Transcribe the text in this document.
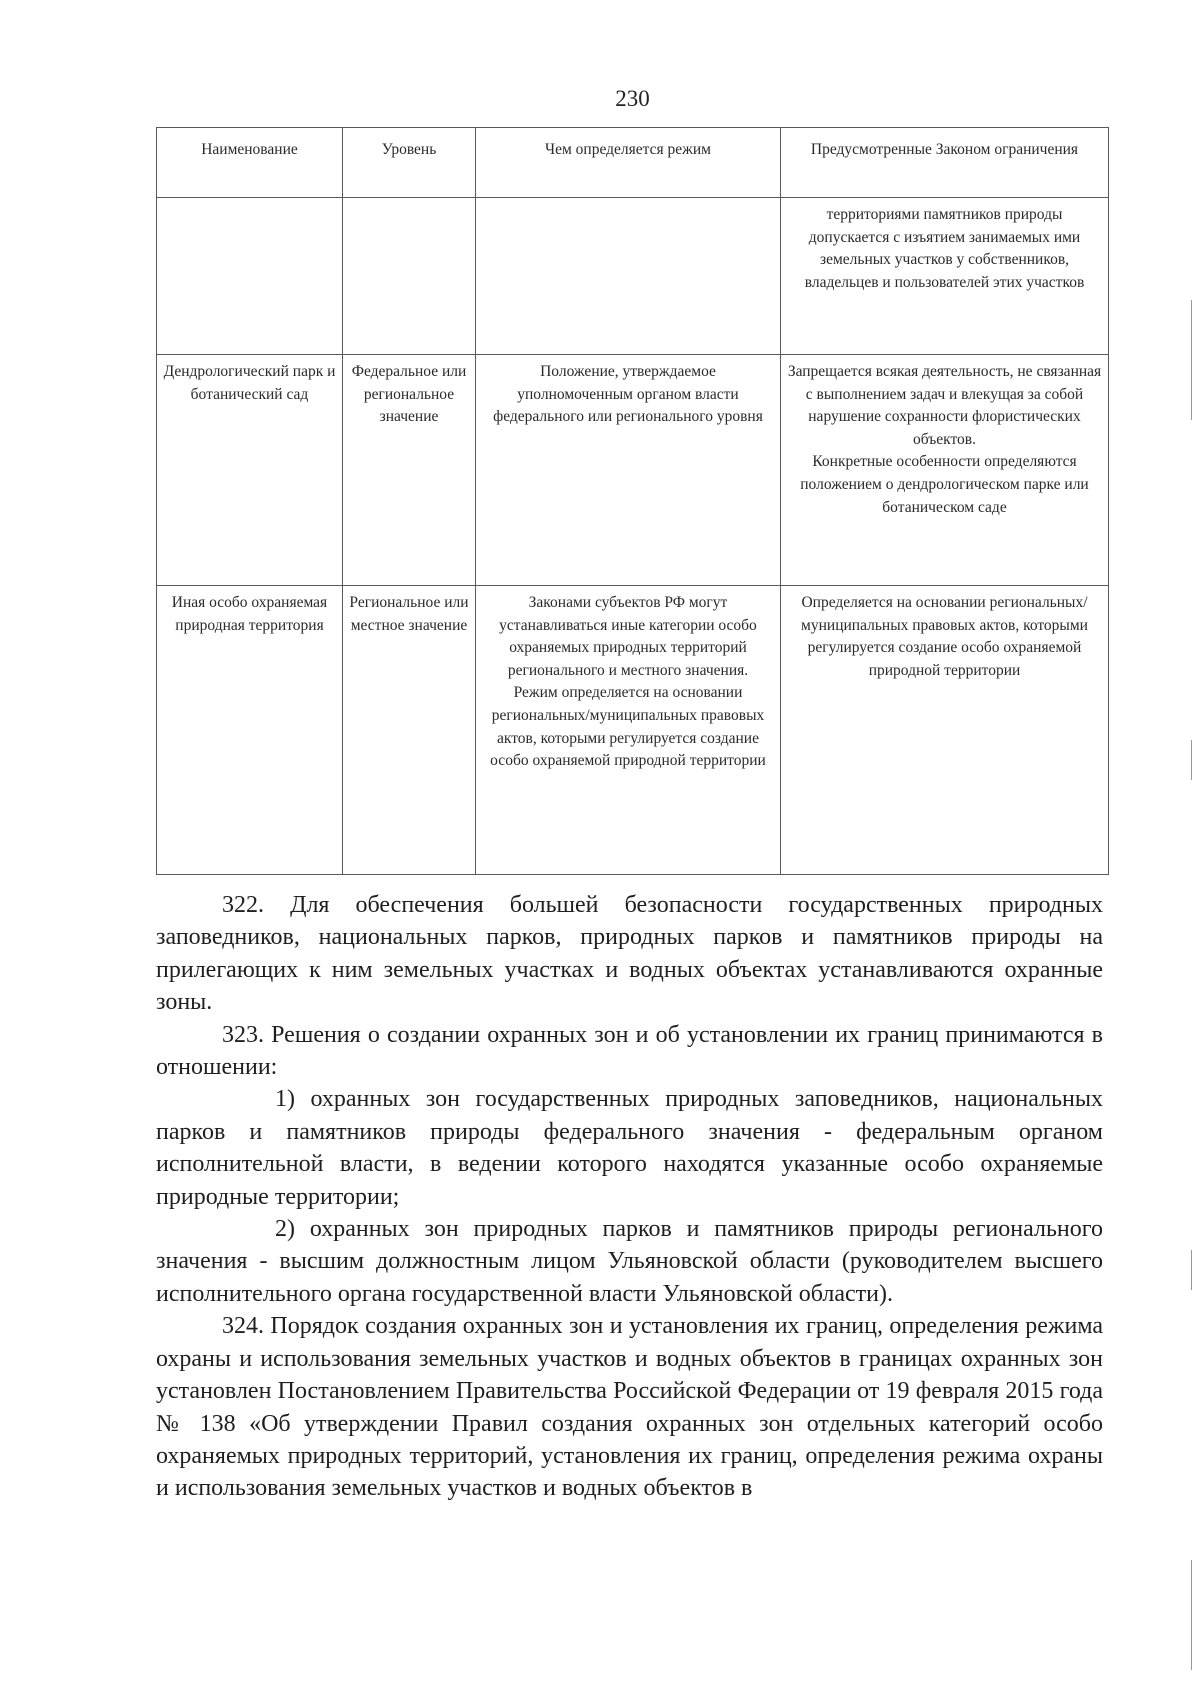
230
Наименование	Уровень	Чем определяется режим	Предусмотренные Законом ограничения
			территориями памятников природы допускается с изъятием занимаемых ими земельных участков у собственников, владельцев и пользователей этих участков
Дендрологический парк и ботанический сад	Федеральное или региональное значение	Положение, утверждаемое уполномоченным органом власти федерального или регионального уровня	Запрещается всякая деятельность, не связанная с выполнением задач и влекущая за собой нарушение сохранности флористических объектов.
Конкретные особенности определяются положением о дендрологическом парке или ботаническом саде
Иная особо охраняемая природная территория	Региональное или местное значение	Законами субъектов РФ могут устанавливаться иные категории особо охраняемых природных территорий регионального и местного значения.
Режим определяется на основании региональных/муниципальных правовых актов, которыми регулируется создание особо охраняемой природной территории	Определяется на основании региональных/муниципальных правовых актов, которыми регулируется создание особо охраняемой природной территории

322. Для обеспечения большей безопасности государственных природных заповедников, национальных парков, природных парков и памятников природы на прилегающих к ним земельных участках и водных объектах устанавливаются охранные зоны.

323. Решения о создании охранных зон и об установлении их границ принимаются в отношении:

1) охранных зон государственных природных заповедников, национальных парков и памятников природы федерального значения - федеральным органом исполнительной власти, в ведении которого находятся указанные особо охраняемые природные территории;

2) охранных зон природных парков и памятников природы регионального значения - высшим должностным лицом Ульяновской области (руководителем высшего исполнительного органа государственной власти Ульяновской области).

324. Порядок создания охранных зон и установления их границ, определения режима охраны и использования земельных участков и водных объектов в границах охранных зон установлен Постановлением Правительства Российской Федерации от 19 февраля 2015 года № 138 «Об утверждении Правил создания охранных зон отдельных категорий особо охраняемых природных территорий, установления их границ, определения режима охраны и использования земельных участков и водных объектов в
